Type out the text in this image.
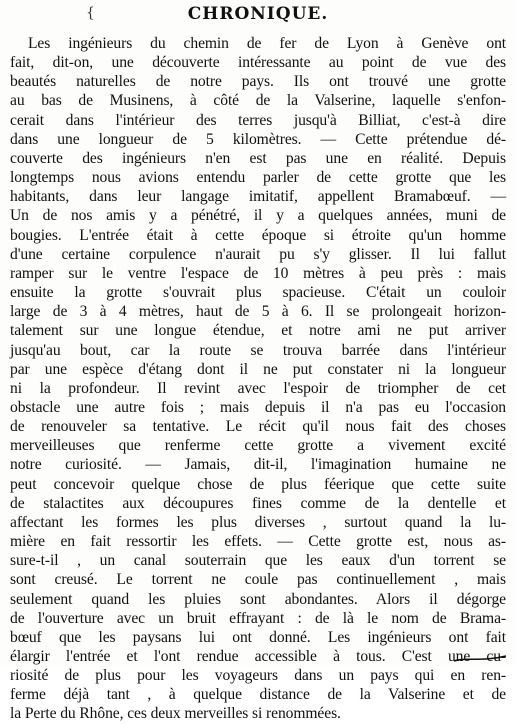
{	CHRONIQUE.
Les ingénieurs du chemin de fer de Lyon à Genève ont
fait, dit-on, une découverte intéressante au point de vue des
beautés naturelles de notre pays. Ils ont trouvé une grotte
au bas de Musinens, à côté de la Valserine, laquelle s'enfon-
cerait dans l'intérieur des terres jusqu'à Billiat, c'est-à dire
dans une longueur de 5 kilomètres. — Cette prétendue dé-
couverte des ingénieurs n'en est pas une en réalité. Depuis
longtemps nous avions entendu parler de cette grotte que les
habitants, dans leur langage imitatif, appellent Bramabœuf. —
Un de nos amis y a pénétré, il y a quelques années, muni de
bougies. L'entrée était à cette époque si étroite qu'un homme
d'une certaine corpulence n'aurait pu s'y glisser. Il lui fallut
ramper sur le ventre l'espace de 10 mètres à peu près : mais
ensuite la grotte s'ouvrait plus spacieuse. C'était un couloir
large de 3 à 4 mètres, haut de 5 à 6. Il se prolongeait horizon-
talement sur une longue étendue, et notre ami ne put arriver
jusqu'au bout, car la route se trouva barrée dans l'intérieur
par une espèce d'étang dont il ne put constater ni la longueur
ni la profondeur. Il revint avec l'espoir de triompher de cet
obstacle une autre fois ; mais depuis il n'a pas eu l'occasion
de renouveler sa tentative. Le récit qu'il nous fait des choses
merveilleuses que renferme cette grotte a vivement excité
notre curiosité. — Jamais, dit-il, l'imagination humaine ne
peut concevoir quelque chose de plus féerique que cette suite
de stalactites aux découpures fines comme de la dentelle et
affectant les formes les plus diverses , surtout quand la lu-
mière en fait ressortir les effets. — Cette grotte est, nous as-
sure-t-il , un canal souterrain que les eaux d'un torrent se
sont creusé. Le torrent ne coule pas continuellement , mais
seulement quand les pluies sont abondantes. Alors il dégorge
de l'ouverture avec un bruit effrayant : de là le nom de Brama-
bœuf que les paysans lui ont donné. Les ingénieurs ont fait
élargir l'entrée et l'ont rendue accessible à tous. C'est une cu-
riosité de plus pour les voyageurs dans un pays qui en ren-
ferme déjà tant , à quelque distance de la Valserine et de
la Perte du Rhône, ces deux merveilles si renommées.
